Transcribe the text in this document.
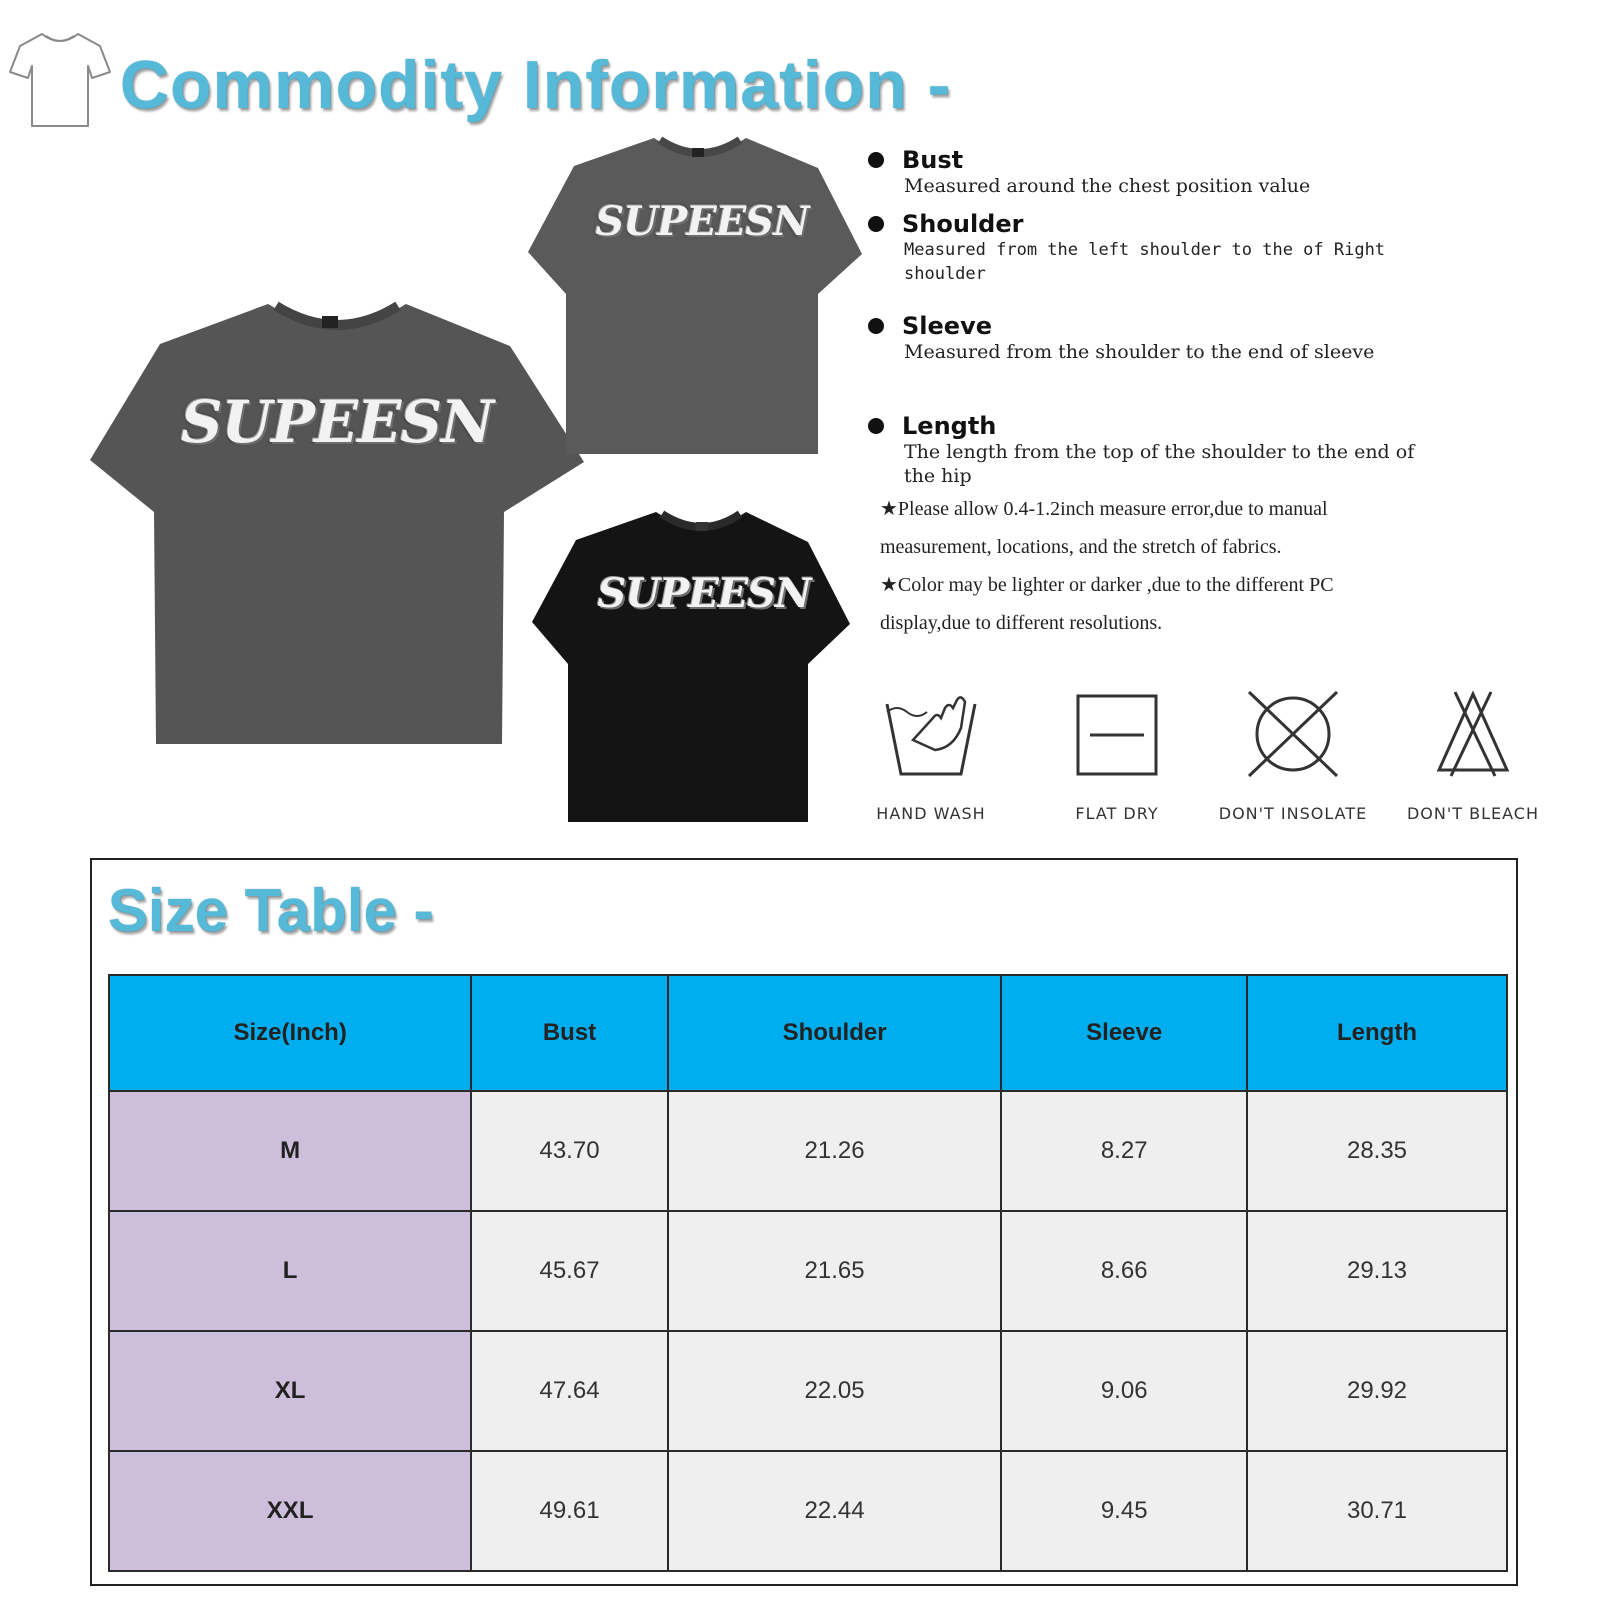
Commodity Information -
SUPEESN
SUPEESN
SUPEESN
Bust
Measured around the chest position value
Shoulder
Measured from the left shoulder to the of Right shoulder
Sleeve
Measured from the shoulder to the end of sleeve
Length
The length from the top of the shoulder to the end of the hip

★Please allow 0.4-1.2inch measure error,due to manual measurement, locations, and the stretch of fabrics.

★Color may be lighter or darker ,due to the different PC display,due to different resolutions.

HAND WASH	FLAT DRY	DON'T INSOLATE	DON'T BLEACH
Size Table -
Size(Inch)	Bust	Shoulder	Sleeve	Length
M	43.70	21.26	8.27	28.35
L	45.67	21.65	8.66	29.13
XL	47.64	22.05	9.06	29.92
XXL	49.61	22.44	9.45	30.71
